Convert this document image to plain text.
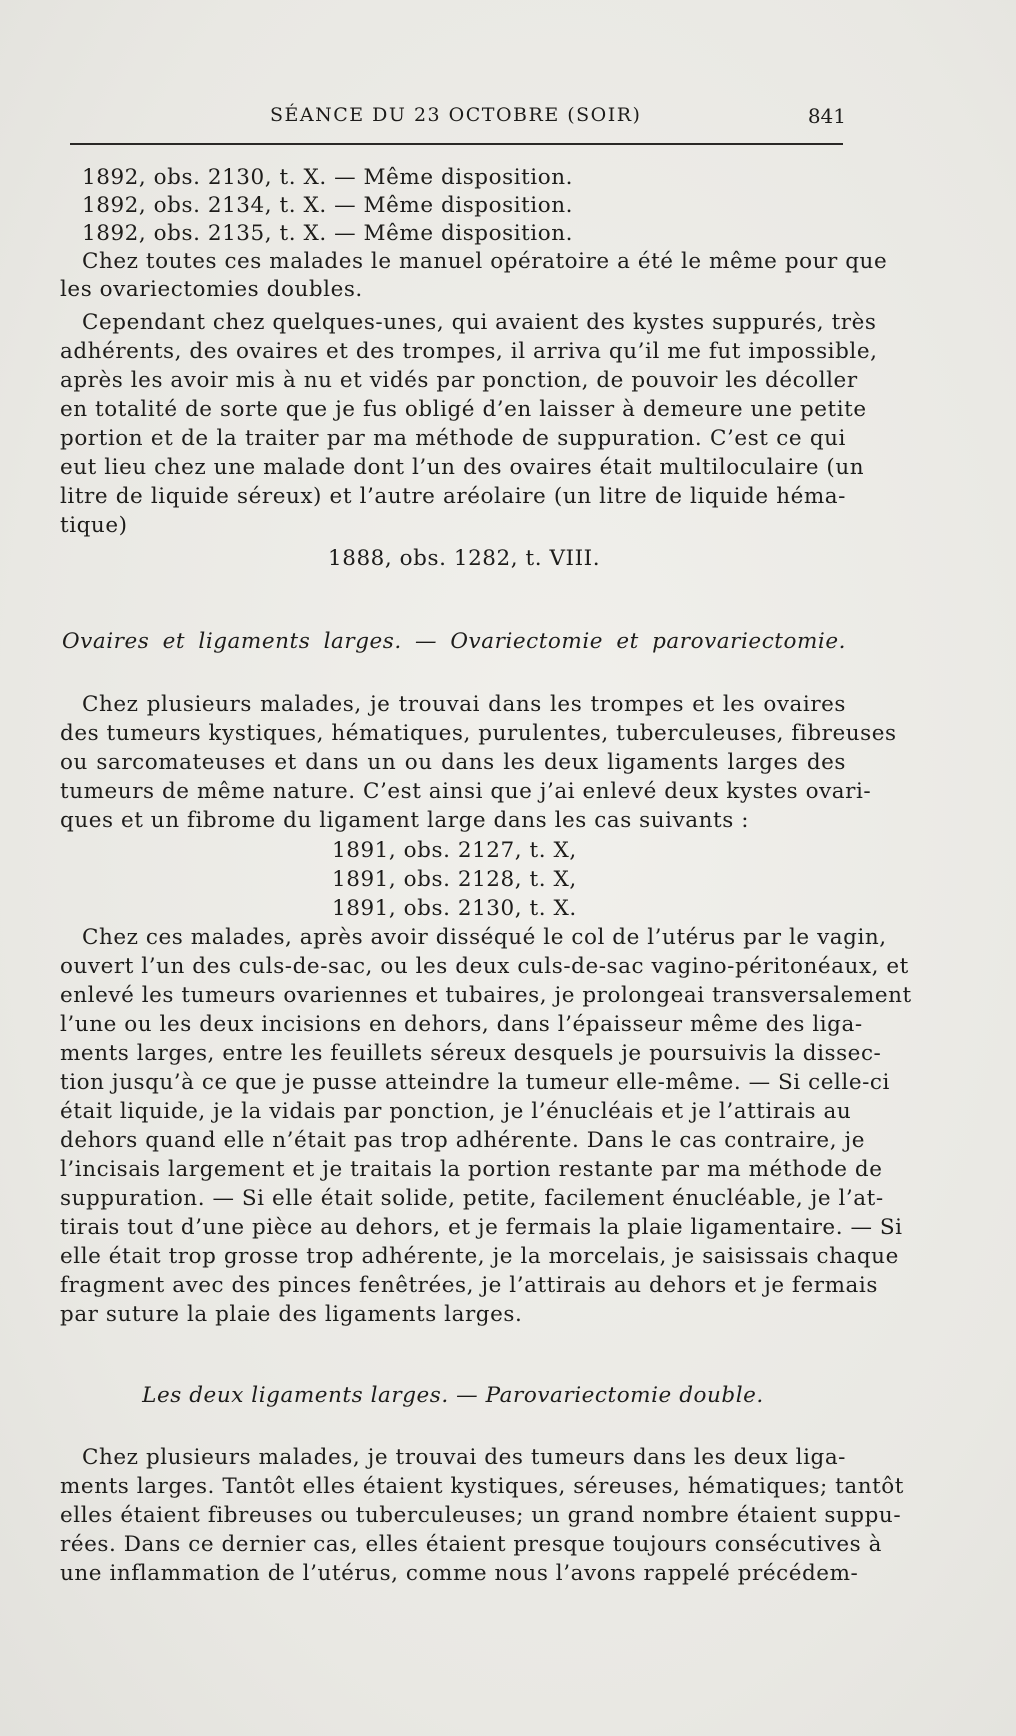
SÉANCE DU 23 OCTOBRE (SOIR)	841
1892, obs. 2130, t. X. — Même disposition.
1892, obs. 2134, t. X. — Même disposition.
1892, obs. 2135, t. X. — Même disposition.
Chez toutes ces malades le manuel opératoire a été le même pour que
les ovariectomies doubles.
Cependant chez quelques-unes, qui avaient des kystes suppurés, très
adhérents, des ovaires et des trompes, il arriva qu’il me fut impossible,
après les avoir mis à nu et vidés par ponction, de pouvoir les décoller
en totalité de sorte que je fus obligé d’en laisser à demeure une petite
portion et de la traiter par ma méthode de suppuration. C’est ce qui
eut lieu chez une malade dont l’un des ovaires était multiloculaire (un
litre de liquide séreux) et l’autre aréolaire (un litre de liquide héma-
tique)
1888, obs. 1282, t. VIII.
Ovaires et ligaments larges. — Ovariectomie et parovariectomie.
Chez plusieurs malades, je trouvai dans les trompes et les ovaires
des tumeurs kystiques, hématiques, purulentes, tuberculeuses, fibreuses
ou sarcomateuses et dans un ou dans les deux ligaments larges des
tumeurs de même nature. C’est ainsi que j’ai enlevé deux kystes ovari-
ques et un fibrome du ligament large dans les cas suivants :
1891, obs. 2127, t. X,
1891, obs. 2128, t. X,
1891, obs. 2130, t. X.
Chez ces malades, après avoir disséqué le col de l’utérus par le vagin,
ouvert l’un des culs-de-sac, ou les deux culs-de-sac vagino-péritonéaux, et
enlevé les tumeurs ovariennes et tubaires, je prolongeai transversalement
l’une ou les deux incisions en dehors, dans l’épaisseur même des liga-
ments larges, entre les feuillets séreux desquels je poursuivis la dissec-
tion jusqu’à ce que je pusse atteindre la tumeur elle-même. — Si celle-ci
était liquide, je la vidais par ponction, je l’énucléais et je l’attirais au
dehors quand elle n’était pas trop adhérente. Dans le cas contraire, je
l’incisais largement et je traitais la portion restante par ma méthode de
suppuration. — Si elle était solide, petite, facilement énucléable, je l’at-
tirais tout d’une pièce au dehors, et je fermais la plaie ligamentaire. — Si
elle était trop grosse trop adhérente, je la morcelais, je saisissais chaque
fragment avec des pinces fenêtrées, je l’attirais au dehors et je fermais
par suture la plaie des ligaments larges.
Les deux ligaments larges. — Parovariectomie double.
Chez plusieurs malades, je trouvai des tumeurs dans les deux liga-
ments larges. Tantôt elles étaient kystiques, séreuses, hématiques; tantôt
elles étaient fibreuses ou tuberculeuses; un grand nombre étaient suppu-
rées. Dans ce dernier cas, elles étaient presque toujours consécutives à
une inflammation de l’utérus, comme nous l’avons rappelé précédem-
